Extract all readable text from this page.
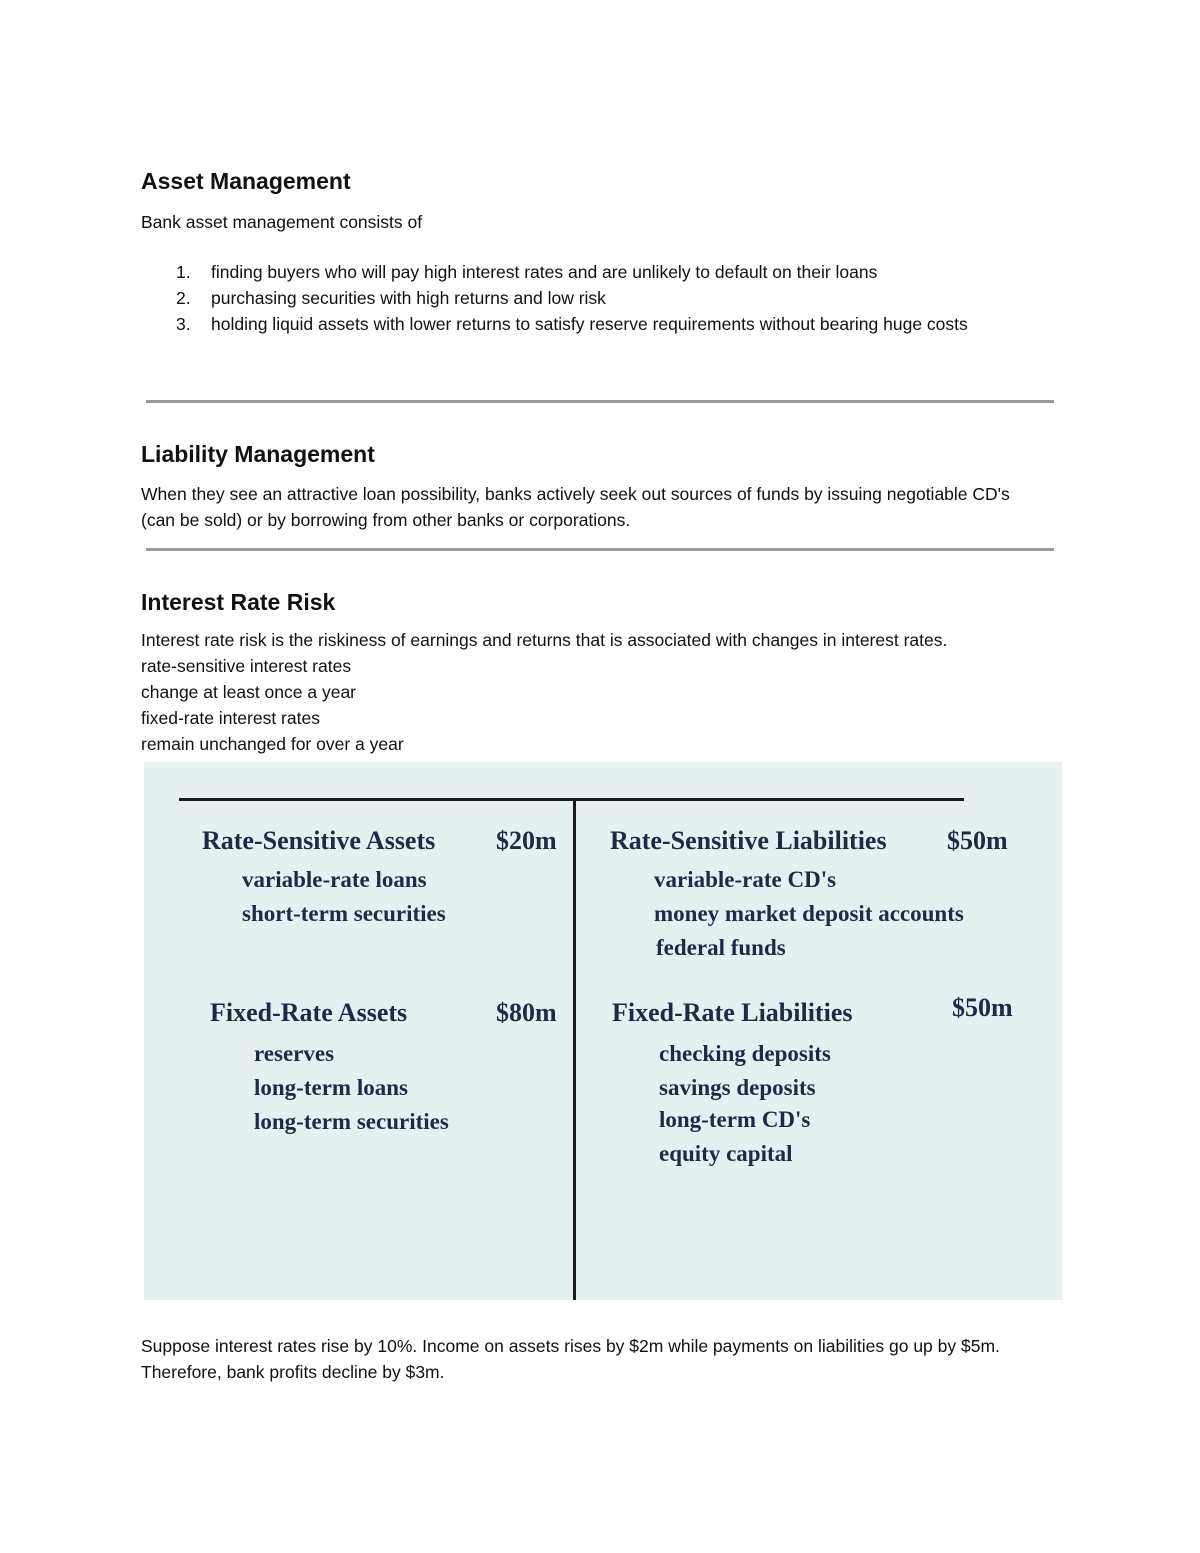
Asset Management

Bank asset management consists of

1. finding buyers who will pay high interest rates and are unlikely to default on their loans
2. purchasing securities with high returns and low risk
3. holding liquid assets with lower returns to satisfy reserve requirements without bearing huge costs
Liability Management

When they see an attractive loan possibility, banks actively seek out sources of funds by issuing negotiable CD's (can be sold) or by borrowing from other banks or corporations.

Interest Rate Risk

Interest rate risk is the riskiness of earnings and returns that is associated with changes in interest rates.

rate-sensitive interest rates

change at least once a year

fixed-rate interest rates

remain unchanged for over a year

Rate-Sensitive Assets $20m
variable-rate loans
short-term securities
Rate-Sensitive Liabilities $50m
variable-rate CD's
money market deposit accounts
federal funds
Fixed-Rate Assets	$80m
reserves
long-term loans
long-term securities
Fixed-Rate Liabilities	$50m
checking deposits
savings deposits
long-term CD's
equity capital

Suppose interest rates rise by 10%. Income on assets rises by $2m while payments on liabilities go up by $5m. Therefore, bank profits decline by $3m.
